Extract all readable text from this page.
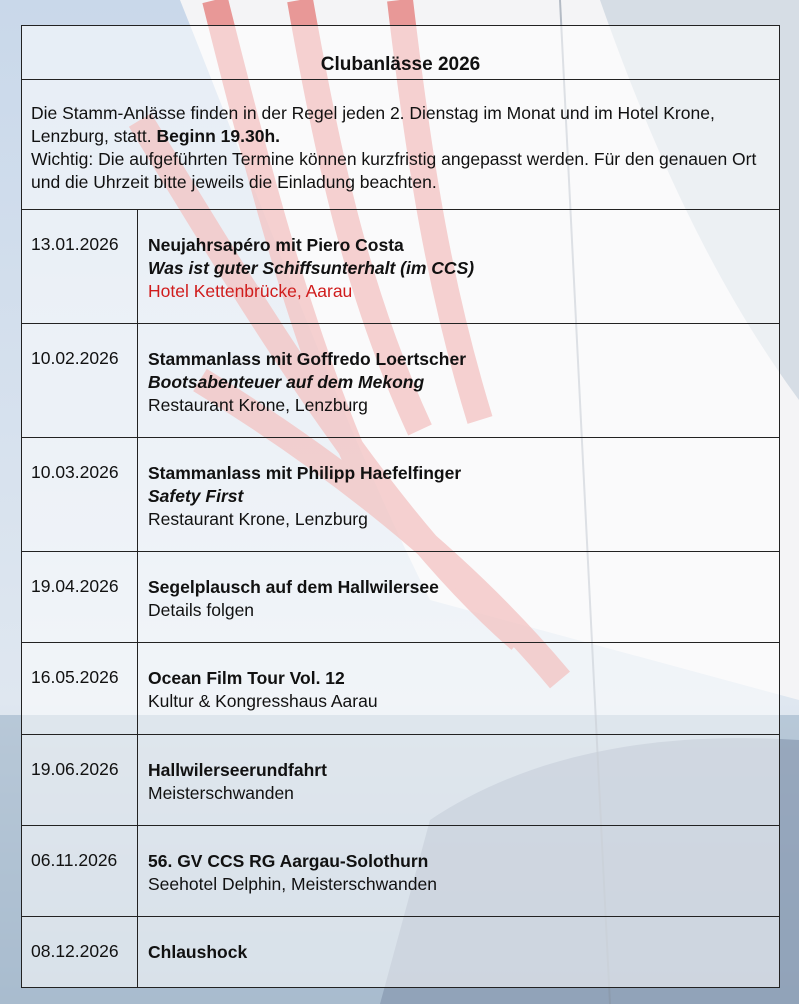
Clubanlässe 2026
Die Stamm-Anlässe finden in der Regel jeden 2. Dienstag im Monat und im Hotel Krone, Lenzburg, statt. Beginn 19.30h.
Wichtig: Die aufgeführten Termine können kurzfristig angepasst werden. Für den genauen Ort und die Uhrzeit bitte jeweils die Einladung beachten.
13.01.2026	Neujahrsapéro mit Piero Costa
Was ist guter Schiffsunterhalt (im CCS)
Hotel Kettenbrücke, Aarau
10.02.2026	Stammanlass mit Goffredo Loertscher
Bootsabenteuer auf dem Mekong
Restaurant Krone, Lenzburg
10.03.2026	Stammanlass mit Philipp Haefelfinger
Safety First
Restaurant Krone, Lenzburg
19.04.2026	Segelplausch auf dem Hallwilersee
Details folgen
16.05.2026	Ocean Film Tour Vol. 12
Kultur & Kongresshaus Aarau
19.06.2026	Hallwilerseerundfahrt
Meisterschwanden
06.11.2026	56. GV CCS RG Aargau-Solothurn
Seehotel Delphin, Meisterschwanden
08.12.2026	Chlaushock
